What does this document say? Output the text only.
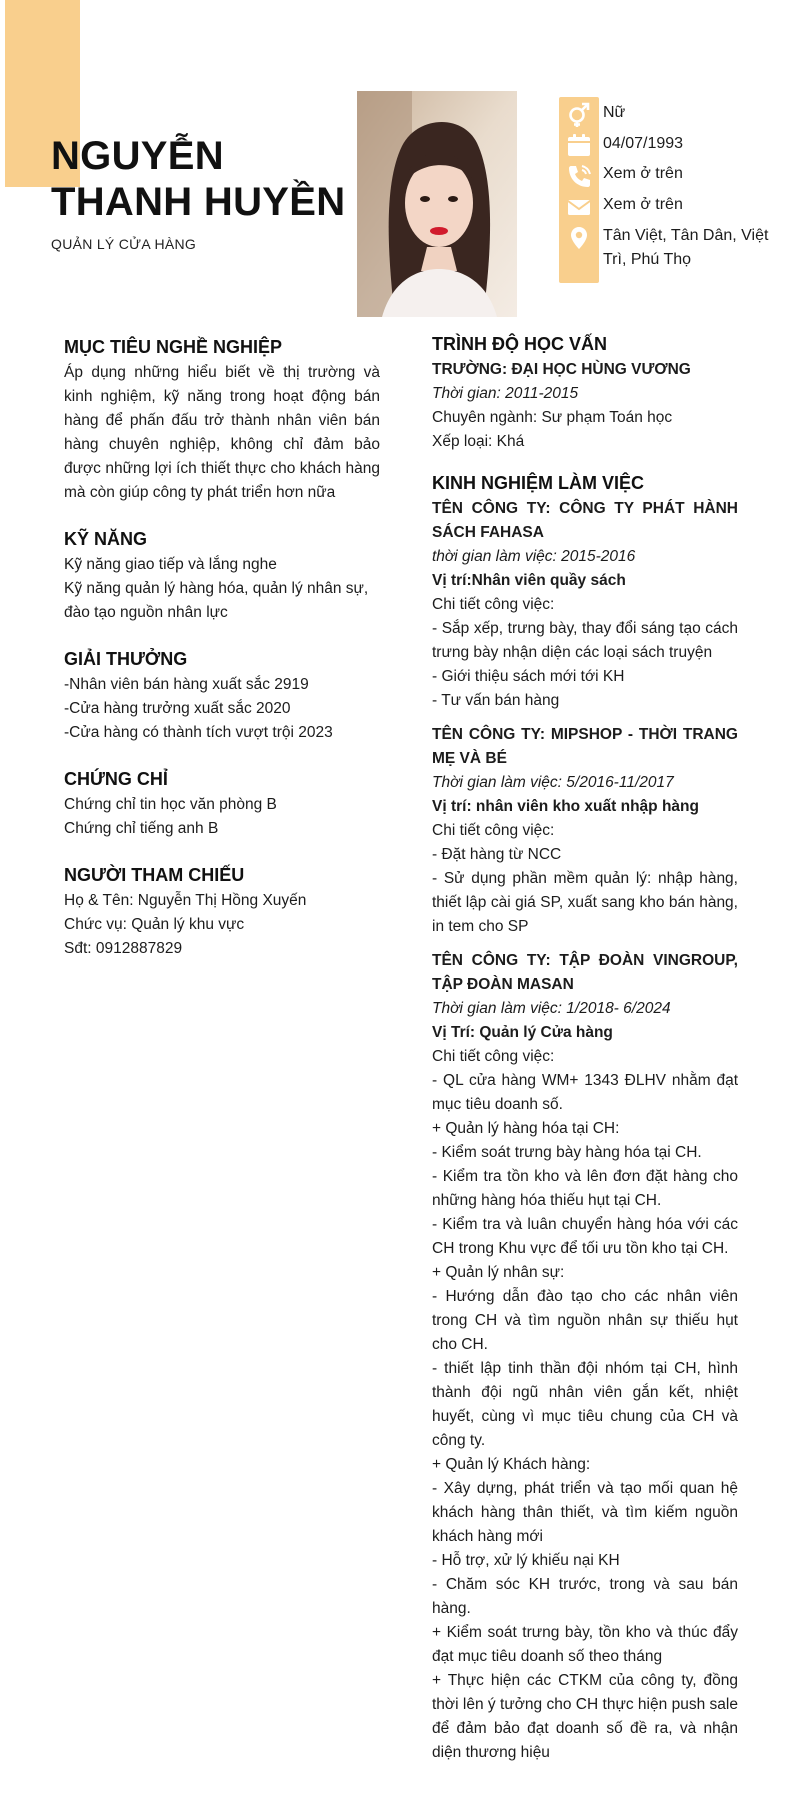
NGUYỄN
THANH HUYỀN
QUẢN LÝ CỬA HÀNG
Nữ
04/07/1993
Xem ở trên
Xem ở trên
Tân Việt, Tân Dân, Việt Trì, Phú Thọ
MỤC TIÊU NGHỀ NGHIỆP
Áp dụng những hiểu biết về thị trường và kinh nghiệm, kỹ năng trong hoạt động bán hàng để phấn đấu trở thành nhân viên bán hàng chuyên nghiệp, không chỉ đảm bảo được những lợi ích thiết thực cho khách hàng mà còn giúp công ty phát triển hơn nữa
KỸ NĂNG
Kỹ năng giao tiếp và lắng nghe
Kỹ năng quản lý hàng hóa, quản lý nhân sự, đào tạo nguồn nhân lực
GIẢI THƯỞNG
-Nhân viên bán hàng xuất sắc 2919
-Cửa hàng trưởng xuất sắc 2020
-Cửa hàng có thành tích vượt trội 2023
CHỨNG CHỈ
Chứng chỉ tin học văn phòng B
Chứng chỉ tiếng anh B
NGƯỜI THAM CHIẾU
Họ & Tên: Nguyễn Thị Hồng Xuyến
Chức vụ: Quản lý khu vực
Sđt: 0912887829
TRÌNH ĐỘ HỌC VẤN
TRƯỜNG: ĐẠI HỌC HÙNG VƯƠNG
Thời gian: 2011-2015
Chuyên ngành: Sư phạm Toán học
Xếp loại: Khá
KINH NGHIỆM LÀM VIỆC
TÊN CÔNG TY: CÔNG TY PHÁT HÀNH SÁCH FAHASA
thời gian làm việc: 2015-2016
Vị trí:Nhân viên quầy sách
Chi tiết công việc:
- Sắp xếp, trưng bày, thay đổi sáng tạo cách trưng bày nhận diện các loại sách truyện
- Giới thiệu sách mới tới KH
- Tư vấn bán hàng
TÊN CÔNG TY: MIPSHOP - THỜI TRANG MẸ VÀ BÉ
Thời gian làm việc: 5/2016-11/2017
Vị trí: nhân viên kho xuất nhập hàng
Chi tiết công việc:
- Đặt hàng từ NCC
- Sử dụng phần mềm quản lý: nhập hàng, thiết lập cài giá SP, xuất sang kho bán hàng, in tem cho SP
TÊN CÔNG TY: TẬP ĐOÀN VINGROUP, TẬP ĐOÀN MASAN
Thời gian làm việc: 1/2018- 6/2024
Vị Trí: Quản lý Cửa hàng
Chi tiết công việc:
- QL cửa hàng WM+ 1343 ĐLHV nhằm đạt mục tiêu doanh số.
+ Quản lý hàng hóa tại CH:
- Kiểm soát trưng bày hàng hóa tại CH.
- Kiểm tra tồn kho và lên đơn đặt hàng cho những hàng hóa thiếu hụt tại CH.
- Kiểm tra và luân chuyển hàng hóa với các CH trong Khu vực để tối ưu tồn kho tại CH.
+ Quản lý nhân sự:
- Hướng dẫn đào tạo cho các nhân viên trong CH và tìm nguồn nhân sự thiếu hụt cho CH.
- thiết lập tinh thần đội nhóm tại CH, hình thành đội ngũ nhân viên gắn kết, nhiệt huyết, cùng vì mục tiêu chung của CH và công ty.
+ Quản lý Khách hàng:
- Xây dựng, phát triển và tạo mối quan hệ khách hàng thân thiết, và tìm kiếm nguồn khách hàng mới
- Hỗ trợ, xử lý khiếu nại KH
- Chăm sóc KH trước, trong và sau bán hàng.
+ Kiểm soát trưng bày, tồn kho và thúc đẩy đạt mục tiêu doanh số theo tháng
+ Thực hiện các CTKM của công ty, đồng thời lên ý tưởng cho CH thực hiện push sale để đảm bảo đạt doanh số đề ra, và nhận diện thương hiệu
